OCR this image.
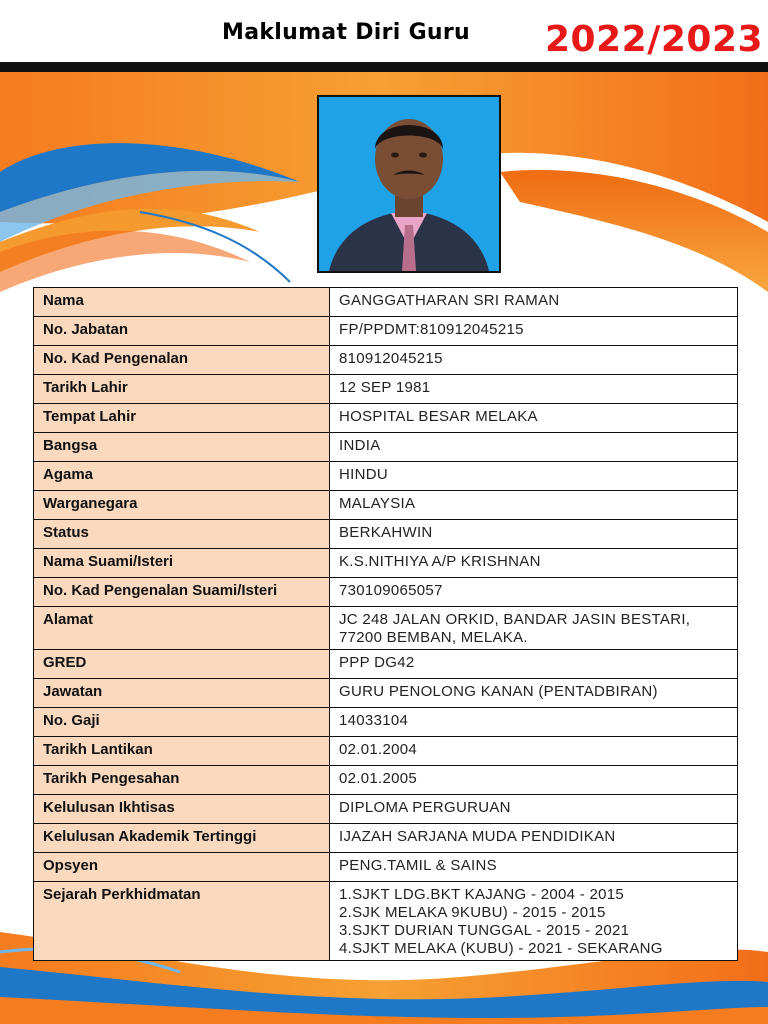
Maklumat Diri Guru 2022/2023
Nama	GANGGATHARAN SRI RAMAN
No. Jabatan	FP/PPDMT:810912045215
No. Kad Pengenalan	810912045215
Tarikh Lahir	12 SEP 1981
Tempat Lahir	HOSPITAL BESAR MELAKA
Bangsa	INDIA
Agama	HINDU
Warganegara	MALAYSIA
Status	BERKAHWIN
Nama Suami/Isteri	K.S.NITHIYA A/P KRISHNAN
No. Kad Pengenalan Suami/Isteri	730109065057
Alamat	JC 248 JALAN ORKID, BANDAR JASIN BESTARI,
77200 BEMBAN, MELAKA.
GRED	PPP DG42
Jawatan	GURU PENOLONG KANAN (PENTADBIRAN)
No. Gaji	14033104
Tarikh Lantikan	02.01.2004
Tarikh Pengesahan	02.01.2005
Kelulusan Ikhtisas	DIPLOMA PERGURUAN
Kelulusan Akademik Tertinggi	IJAZAH SARJANA MUDA PENDIDIKAN
Opsyen	PENG.TAMIL & SAINS
Sejarah Perkhidmatan	1.SJKT LDG.BKT KAJANG - 2004 - 2015
2.SJK MELAKA 9KUBU) - 2015 - 2015
3.SJKT DURIAN TUNGGAL - 2015 - 2021
4.SJKT MELAKA (KUBU) - 2021 - SEKARANG
